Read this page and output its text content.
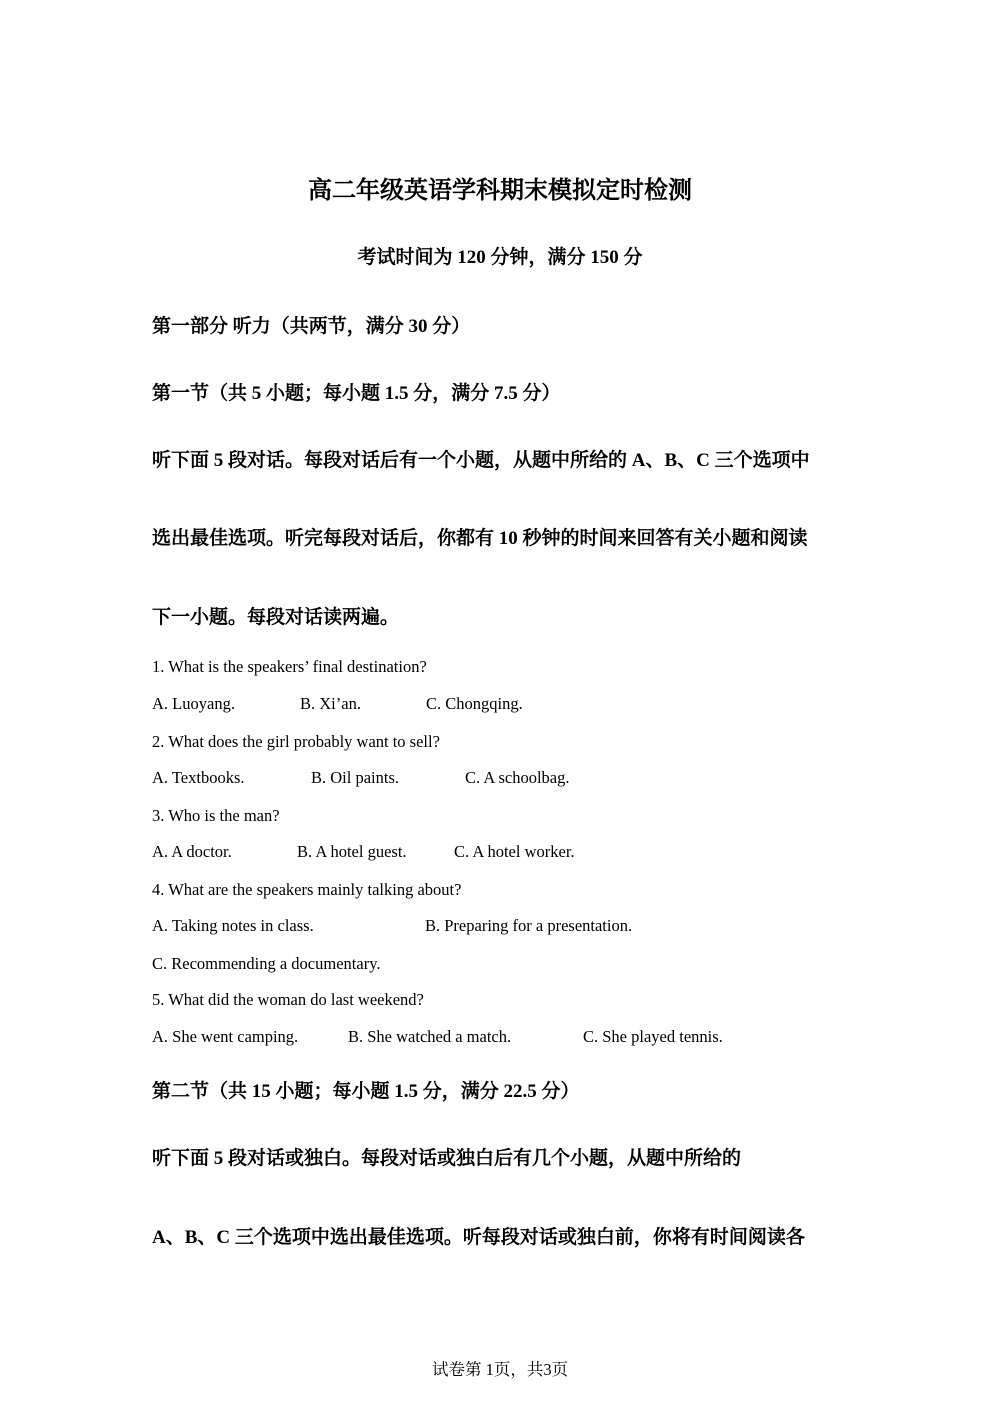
高二年级英语学科期末模拟定时检测
考试时间为 120 分钟，满分 150 分
第一部分 听力（共两节，满分 30 分）
第一节（共 5 小题；每小题 1.5 分，满分 7.5 分）
听下面 5 段对话。每段对话后有一个小题，从题中所给的 A、B、C 三个选项中
选出最佳选项。听完每段对话后，你都有 10 秒钟的时间来回答有关小题和阅读
下一小题。每段对话读两遍。
1. What is the speakers’ final destination?
A. Luoyang.	B. Xi’an.	C. Chongqing.
2. What does the girl probably want to sell?
A. Textbooks.	B. Oil paints.	C. A schoolbag.
3. Who is the man?
A. A doctor.	B. A hotel guest.	C. A hotel worker.
4. What are the speakers mainly talking about?
A. Taking notes in class.	B. Preparing for a presentation.
C. Recommending a documentary.
5. What did the woman do last weekend?
A. She went camping.	B. She watched a match.	C. She played tennis.
第二节（共 15 小题；每小题 1.5 分，满分 22.5 分）
听下面 5 段对话或独白。每段对话或独白后有几个小题，从题中所给的
A、B、C 三个选项中选出最佳选项。听每段对话或独白前，你将有时间阅读各
试卷第 1页，共3页
